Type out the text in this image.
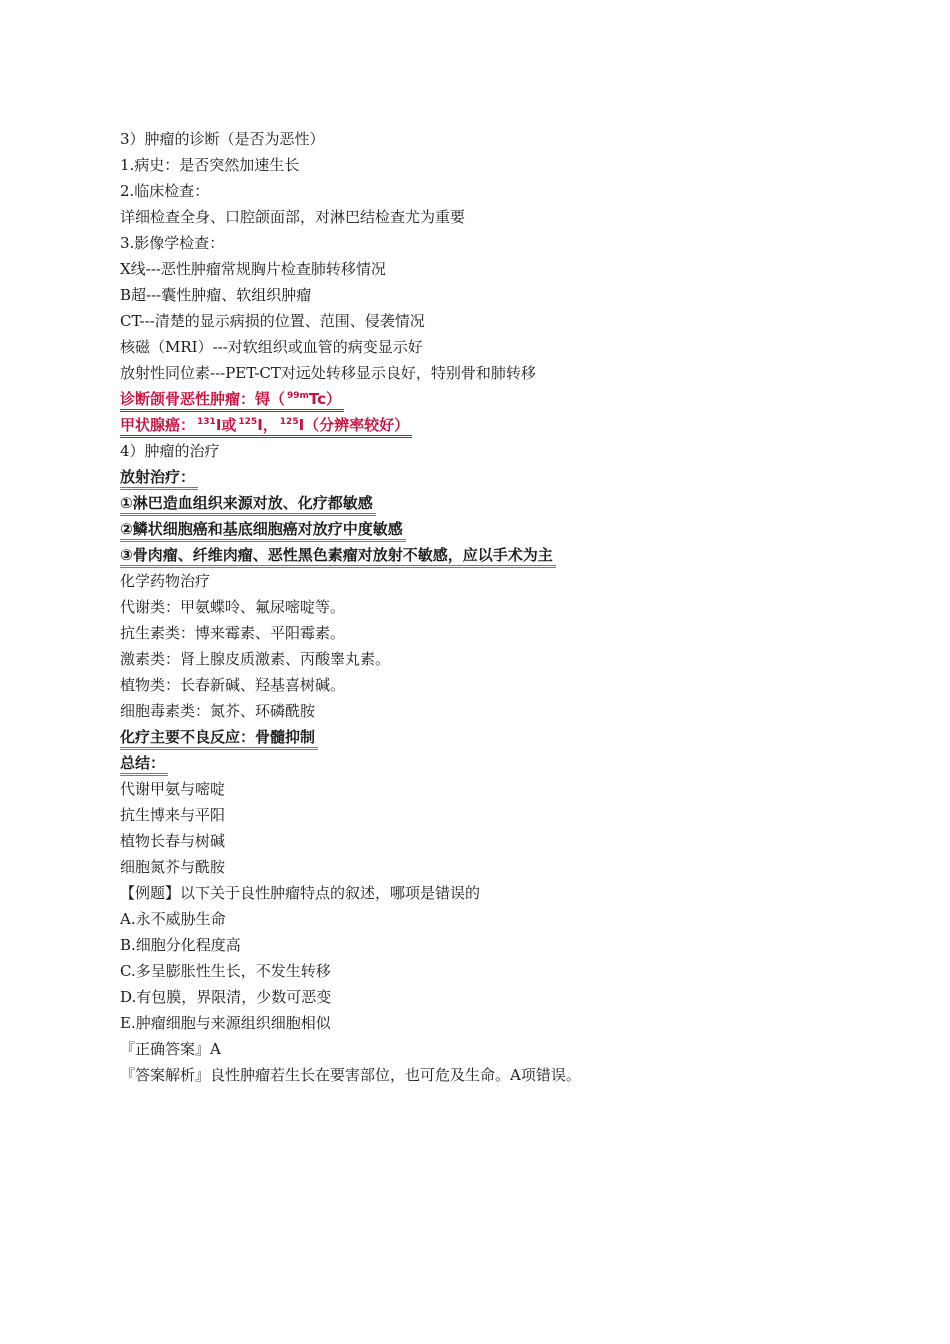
3）肿瘤的诊断（是否为恶性）
1.病史：是否突然加速生长
2.临床检查：
详细检查全身、口腔颌面部，对淋巴结检查尤为重要
3.影像学检查：
X线---恶性肿瘤常规胸片检查肺转移情况
B超---囊性肿瘤、软组织肿瘤
CT---清楚的显示病损的位置、范围、侵袭情况
核磁（MRI）---对软组织或血管的病变显示好
放射性同位素---PET-CT对远处转移显示良好，特别骨和肺转移
诊断颌骨恶性肿瘤：锝（ $^{99m}$Tc）
甲状腺癌： $^{131}$I或 $^{125}$I， $^{125}$I（分辨率较好）
4）肿瘤的治疗
放射治疗：
①淋巴造血组织来源对放、化疗都敏感
②鳞状细胞癌和基底细胞癌对放疗中度敏感
③骨肉瘤、纤维肉瘤、恶性黑色素瘤对放射不敏感，应以手术为主
化学药物治疗
代谢类：甲氨蝶呤、氟尿嘧啶等。
抗生素类：博来霉素、平阳霉素。
激素类：肾上腺皮质激素、丙酸睾丸素。
植物类：长春新碱、羟基喜树碱。
细胞毒素类：氮芥、环磷酰胺
化疗主要不良反应：骨髓抑制
总结：
代谢甲氨与嘧啶
抗生博来与平阳
植物长春与树碱
细胞氮芥与酰胺
【例题】以下关于良性肿瘤特点的叙述，哪项是错误的
A.永不威胁生命
B.细胞分化程度高
C.多呈膨胀性生长，不发生转移
D.有包膜，界限清，少数可恶变
E.肿瘤细胞与来源组织细胞相似
『正确答案』A
『答案解析』良性肿瘤若生长在要害部位，也可危及生命。A项错误。
